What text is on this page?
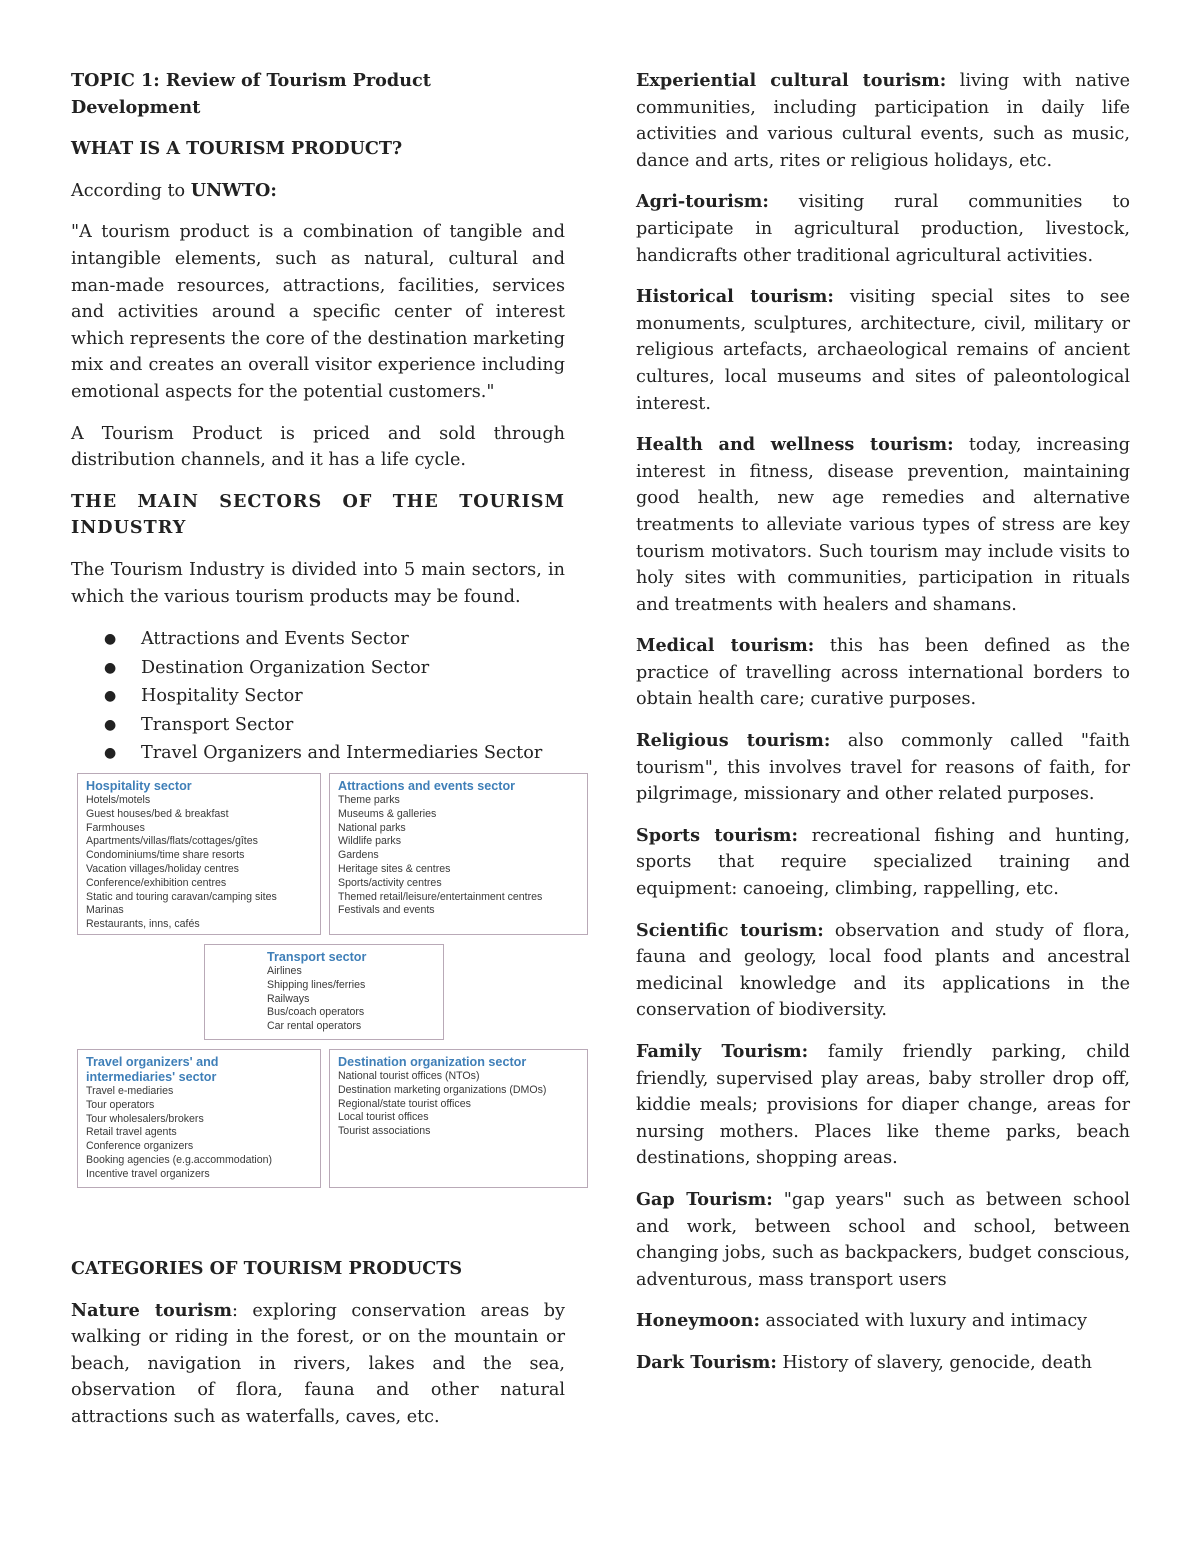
TOPIC 1: Review of Tourism Product Development
WHAT IS A TOURISM PRODUCT?

According to UNWTO:

"A tourism product is a combination of tangible and intangible elements, such as natural, cultural and man-made resources, attractions, facilities, services and activities around a specific center of interest which represents the core of the destination marketing mix and creates an overall visitor experience including emotional aspects for the potential customers."

A Tourism Product is priced and sold through distribution channels, and it has a life cycle.

THE MAIN SECTORS OF THE TOURISM INDUSTRY

The Tourism Industry is divided into 5 main sectors, in which the various tourism products may be found.

● Attractions and Events Sector
● Destination Organization Sector
● Hospitality Sector
● Transport Sector
● Travel Organizers and Intermediaries Sector
Hospitality sector
Hotels/motels
Guest houses/bed & breakfast
Farmhouses
Apartments/villas/flats/cottages/gîtes
Condominiums/time share resorts
Vacation villages/holiday centres
Conference/exhibition centres
Static and touring caravan/camping sites
Marinas
Restaurants, inns, cafés
Attractions and events sector
Theme parks
Museums & galleries
National parks
Wildlife parks
Gardens
Heritage sites & centres
Sports/activity centres
Themed retail/leisure/entertainment centres
Festivals and events
Transport sector
Airlines
Shipping lines/ferries
Railways
Bus/coach operators
Car rental operators
Travel organizers' and
intermediaries' sector
Travel e-mediaries
Tour operators
Tour wholesalers/brokers
Retail travel agents
Conference organizers
Booking agencies (e.g.accommodation)
Incentive travel organizers
Destination organization sector
National tourist offices (NTOs)
Destination marketing organizations (DMOs)
Regional/state tourist offices
Local tourist offices
Tourist associations
CATEGORIES OF TOURISM PRODUCTS

Nature tourism: exploring conservation areas by walking or riding in the forest, or on the mountain or beach, navigation in rivers, lakes and the sea, observation of flora, fauna and other natural attractions such as waterfalls, caves, etc.

Experiential cultural tourism: living with native communities, including participation in daily life activities and various cultural events, such as music, dance and arts, rites or religious holidays, etc.

Agri-tourism: visiting rural communities to participate in agricultural production, livestock, handicrafts other traditional agricultural activities.

Historical tourism: visiting special sites to see monuments, sculptures, architecture, civil, military or religious artefacts, archaeological remains of ancient cultures, local museums and sites of paleontological interest.

Health and wellness tourism: today, increasing interest in fitness, disease prevention, maintaining good health, new age remedies and alternative treatments to alleviate various types of stress are key tourism motivators. Such tourism may include visits to holy sites with communities, participation in rituals and treatments with healers and shamans.

Medical tourism: this has been defined as the practice of travelling across international borders to obtain health care; curative purposes.

Religious tourism: also commonly called "faith tourism", this involves travel for reasons of faith, for pilgrimage, missionary and other related purposes.

Sports tourism: recreational fishing and hunting, sports that require specialized training and equipment: canoeing, climbing, rappelling, etc.

Scientific tourism: observation and study of flora, fauna and geology, local food plants and ancestral medicinal knowledge and its applications in the conservation of biodiversity.

Family Tourism: family friendly parking, child friendly, supervised play areas, baby stroller drop off, kiddie meals; provisions for diaper change, areas for nursing mothers. Places like theme parks, beach destinations, shopping areas.

Gap Tourism: "gap years" such as between school and work, between school and school, between changing jobs, such as backpackers, budget conscious, adventurous, mass transport users

Honeymoon: associated with luxury and intimacy

Dark Tourism: History of slavery, genocide, death
